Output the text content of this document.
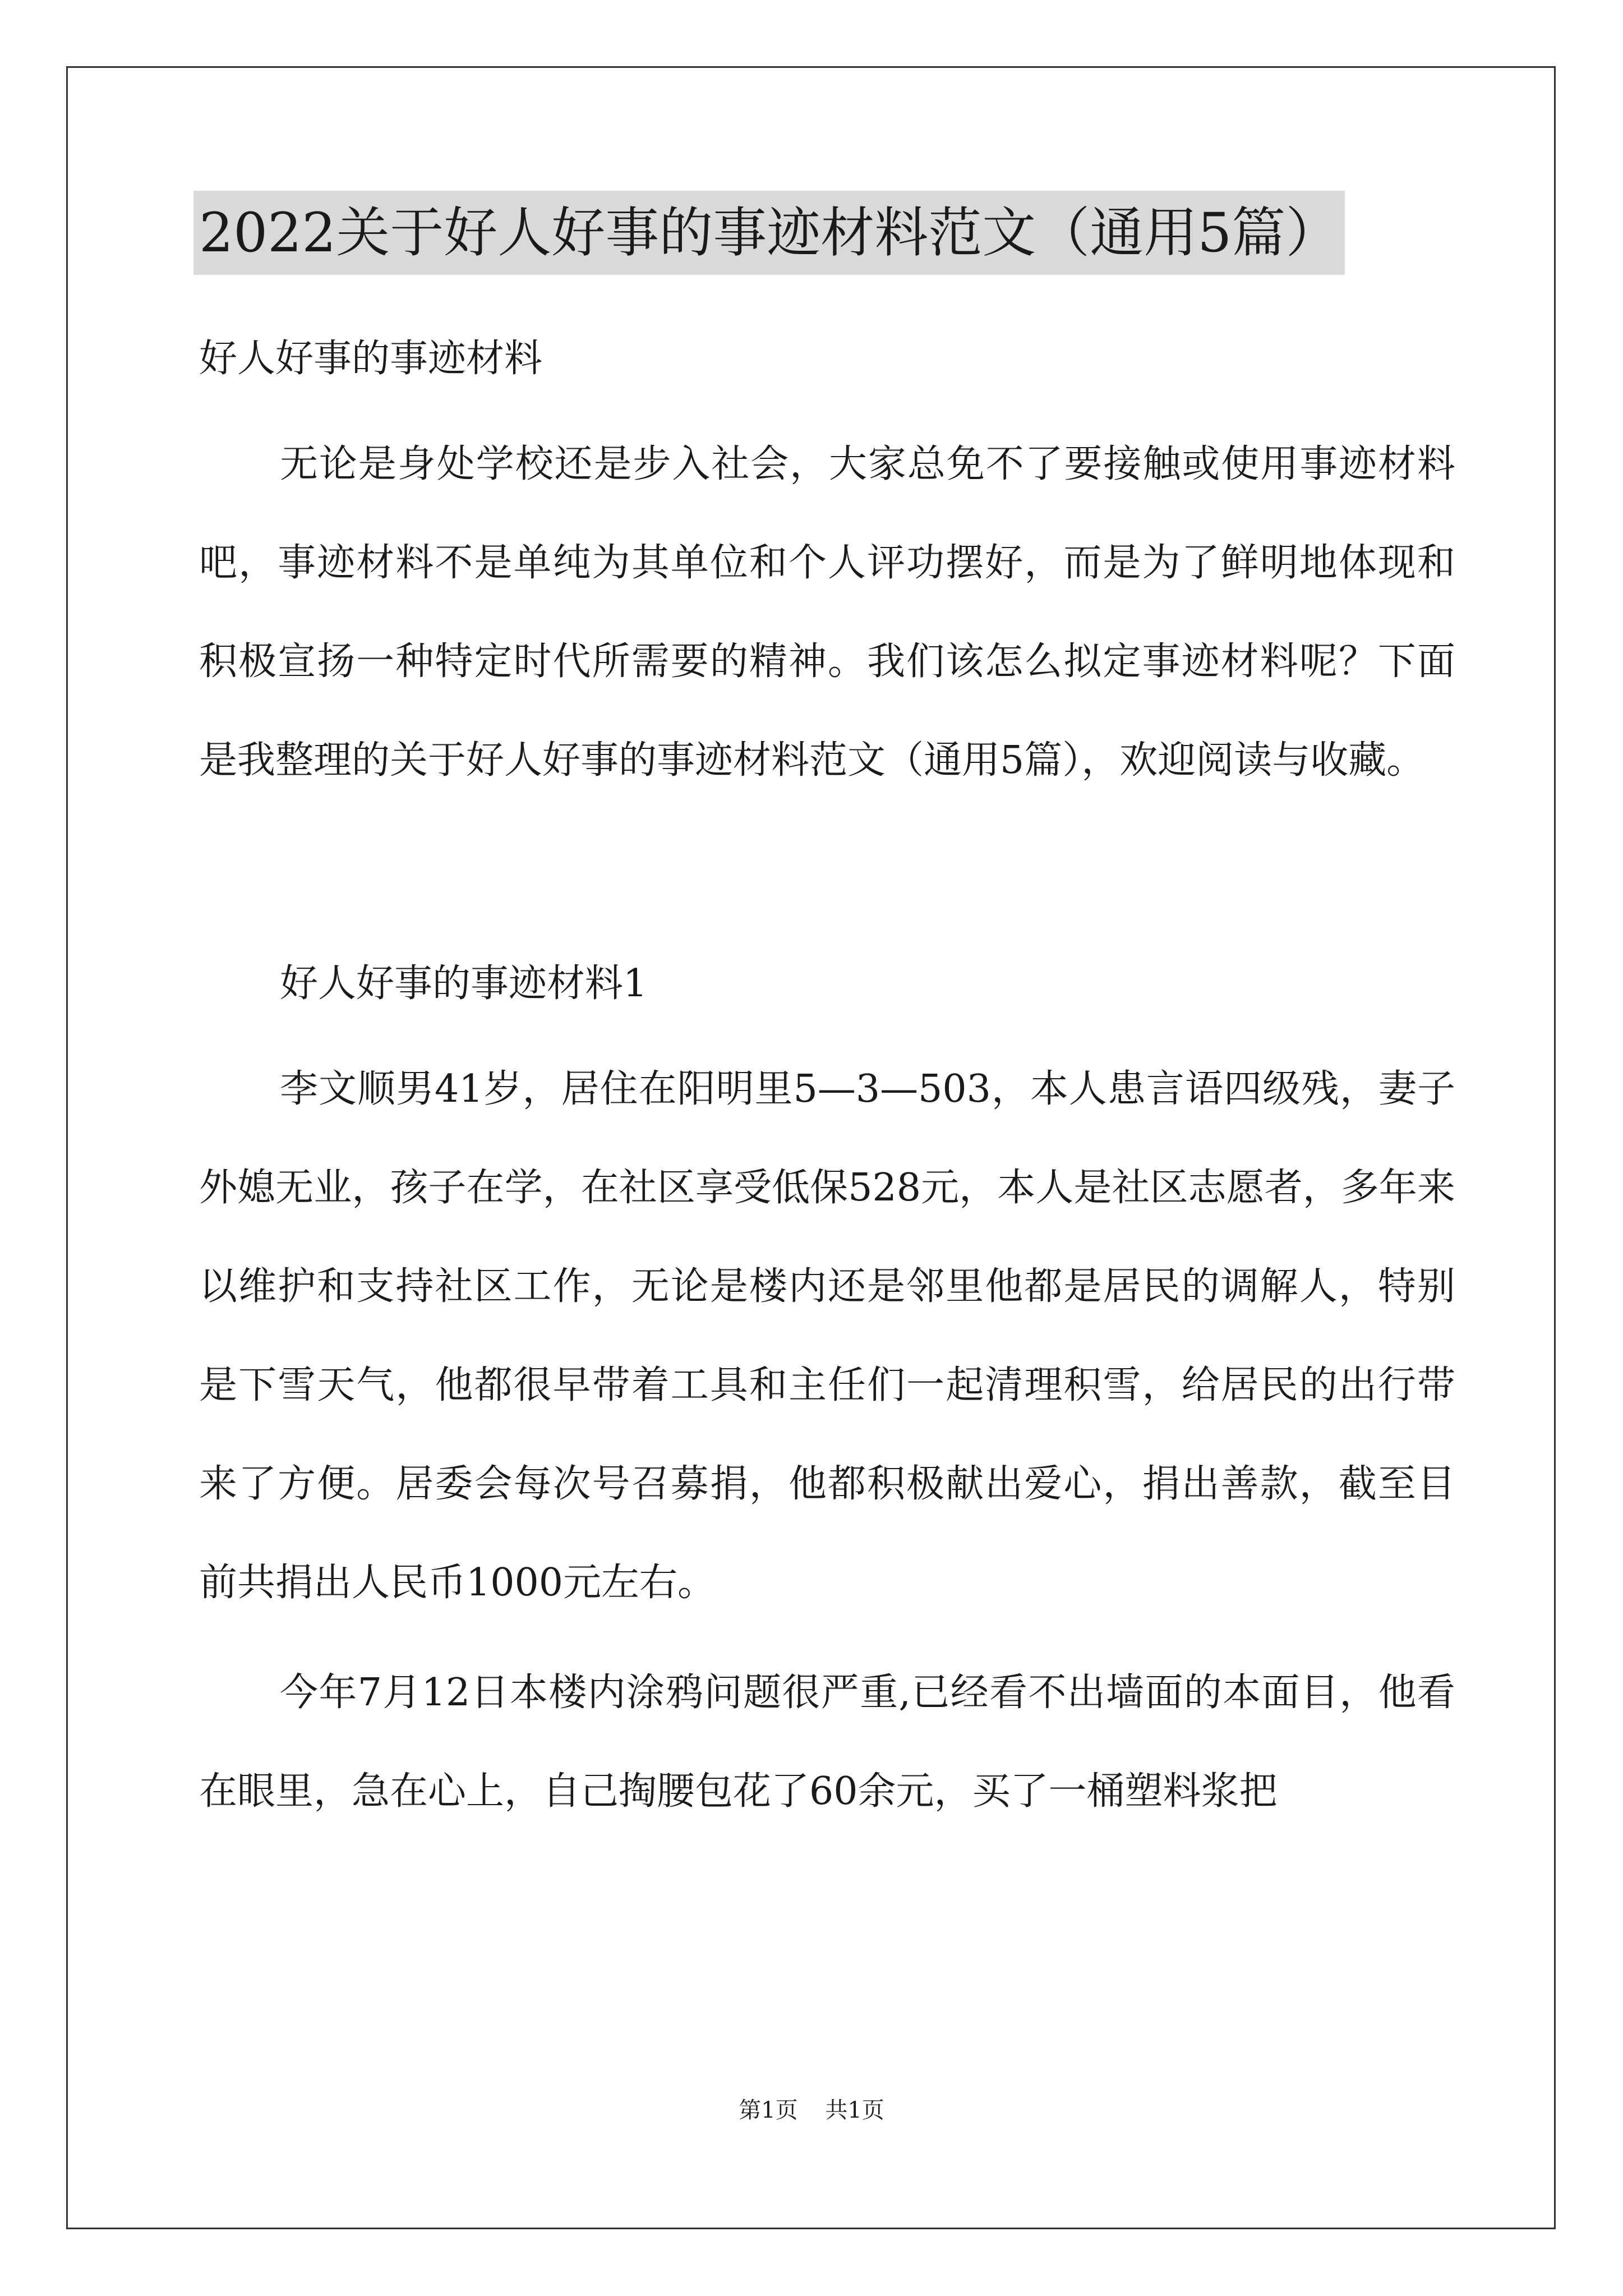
2022关于好人好事的事迹材料范文（通用5篇）
好人好事的事迹材料

无论是身处学校还是步入社会，大家总免不了要接触或使用事迹材料吧，事迹材料不是单纯为其单位和个人评功摆好，而是为了鲜明地体现和积极宣扬一种特定时代所需要的精神。我们该怎么拟定事迹材料呢？下面是我整理的关于好人好事的事迹材料范文（通用5篇），欢迎阅读与收藏。

好人好事的事迹材料1

李文顺男41岁，居住在阳明里5—3—503，本人患言语四级残，妻子外媳无业，孩子在学，在社区享受低保528元，本人是社区志愿者，多年来以维护和支持社区工作，无论是楼内还是邻里他都是居民的调解人，特别是下雪天气，他都很早带着工具和主任们一起清理积雪，给居民的出行带来了方便。居委会每次号召募捐，他都积极献出爱心，捐出善款，截至目前共捐出人民币1000元左右。

今年7月12日本楼内涂鸦问题很严重,已经看不出墙面的本面目，他看在眼里，急在心上，自己掏腰包花了60余元，买了一桶塑料浆把

第1页 共1页
